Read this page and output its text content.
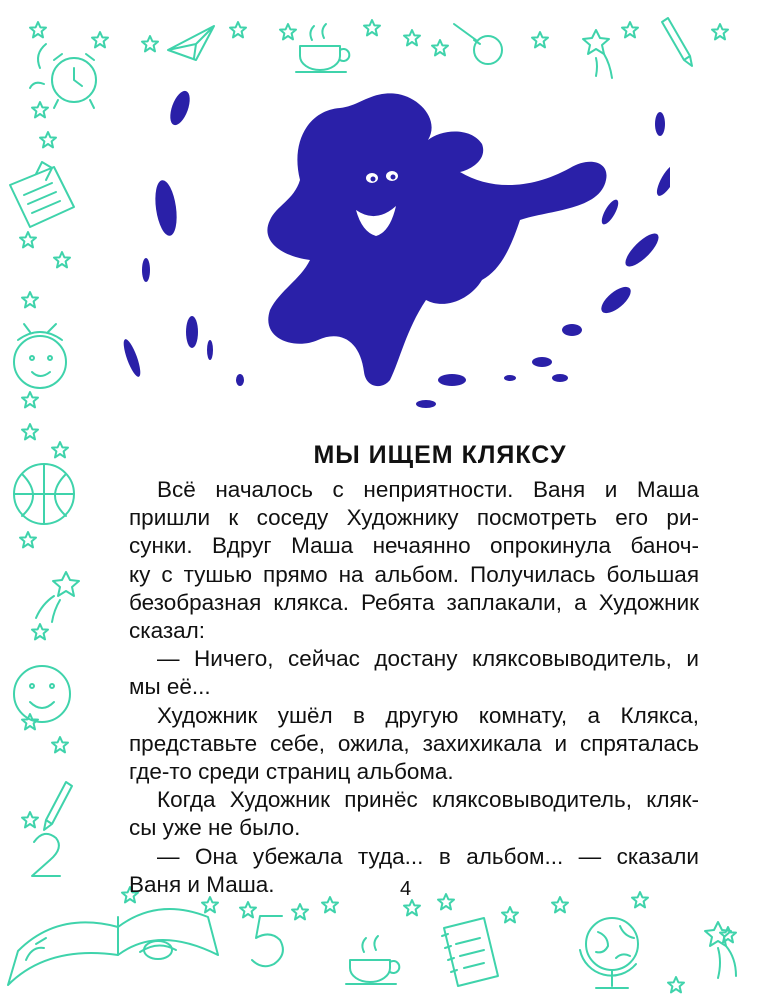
МЫ ИЩЕМ КЛЯКСУ

Всё началось с неприятности. Ваня и Маша
пришли к соседу Художнику посмотреть его ри-
сунки. Вдруг Маша нечаянно опрокинула баноч-
ку с тушью прямо на альбом. Получилась большая
безобразная клякса. Ребята заплакали, а Художник
сказал:

— Ничего, сейчас достану кляксовыводитель, и
мы её...

Художник ушёл в другую комнату, а Клякса,
представьте себе, ожила, захихикала и спряталась
где-то среди страниц альбома.

Когда Художник принёс кляксовыводитель, кляк-
сы уже не было.

— Она убежала туда... в альбом... — сказали
Ваня и Маша.	4
